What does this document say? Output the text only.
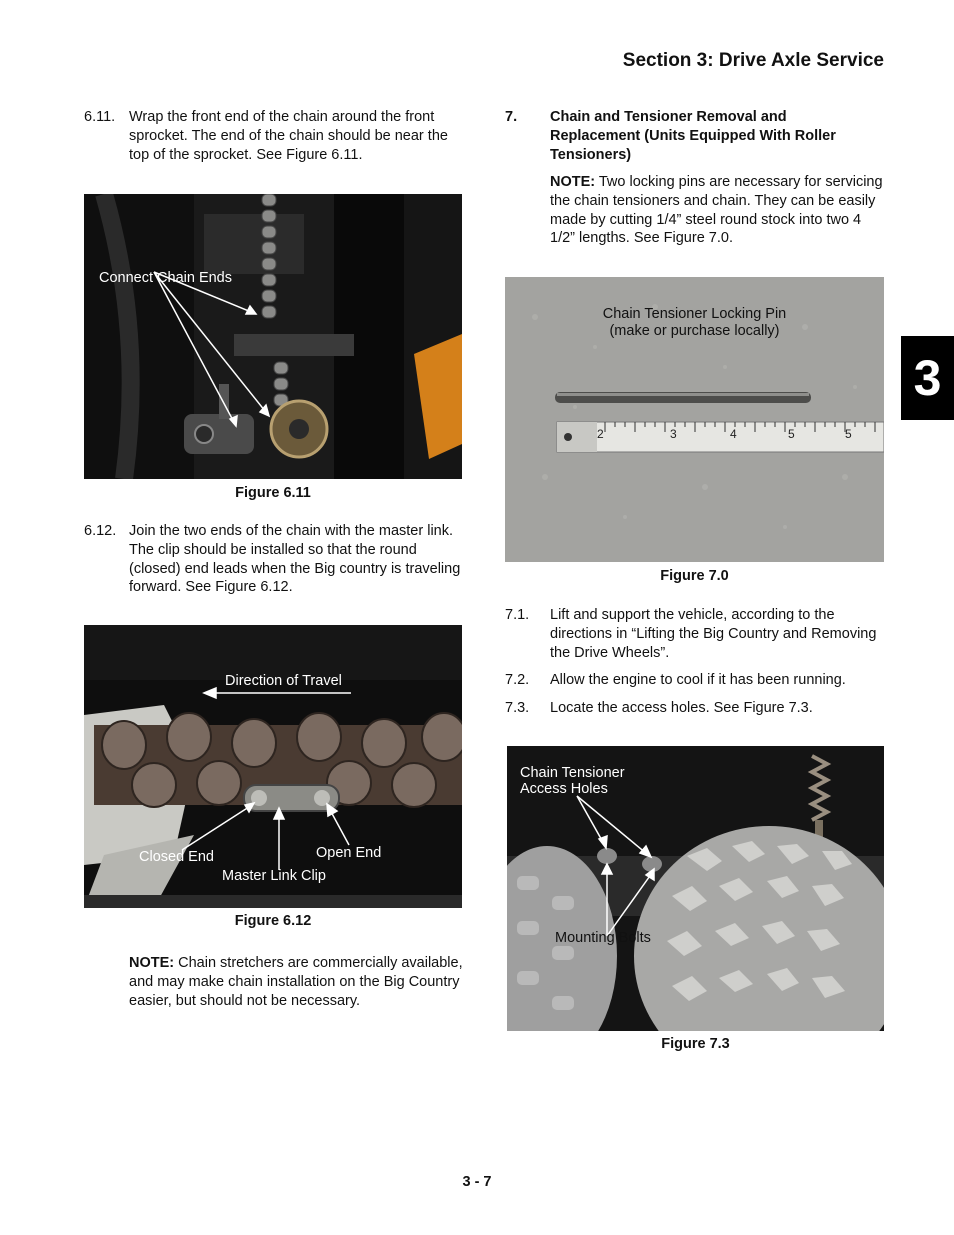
Section 3: Drive Axle Service
3
6.11. Wrap the front end of the chain around the front sprocket. The end of the chain should be near the top of the sprocket. See Figure 6.11.
Connect Chain Ends
Figure 6.11
6.12. Join the two ends of the chain with the master link. The clip should be installed so that the round (closed) end leads when the Big country is traveling forward. See Figure 6.12.
Direction of Travel
Closed End	Open End
Master Link Clip
Figure 6.12
NOTE: Chain stretchers are commercially available, and may make chain installation on the Big Country easier, but should not be necessary.
7. Chain and Tensioner Removal and Replacement (Units Equipped With Roller Tensioners)
NOTE: Two locking pins are necessary for servicing the chain tensioners and chain. They can be easily made by cutting 1/4” steel round stock into two 4 1/2” lengths. See Figure 7.0.
2	3	4	5	5
Chain Tensioner Locking Pin
(make or purchase locally)
Figure 7.0
7.1. Lift and support the vehicle, according to the directions in “Lifting the Big Country and Removing the Drive Wheels”.
7.2. Allow the engine to cool if it has been running.
7.3. Locate the access holes. See Figure 7.3.
Chain Tensioner
Access Holes
Mounting Bolts
Figure 7.3
3 - 7
